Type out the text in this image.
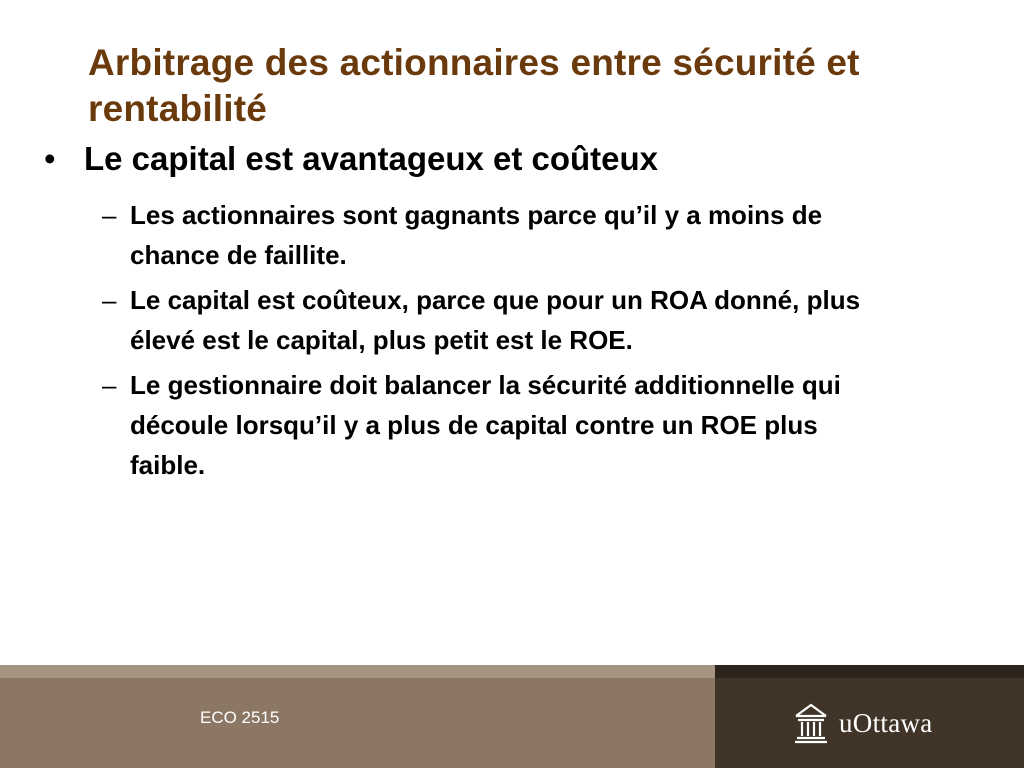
Arbitrage des actionnaires entre sécurité et rentabilité
• Le capital est avantageux et coûteux
– Les actionnaires sont gagnants parce qu’il y a moins de chance de faillite.
– Le capital est coûteux, parce que pour un ROA donné, plus élevé est le capital, plus petit est le ROE.
– Le gestionnaire doit balancer la sécurité additionnelle qui découle lorsqu’il y a plus de capital contre un ROE plus faible.
ECO 2515	uOttawa
